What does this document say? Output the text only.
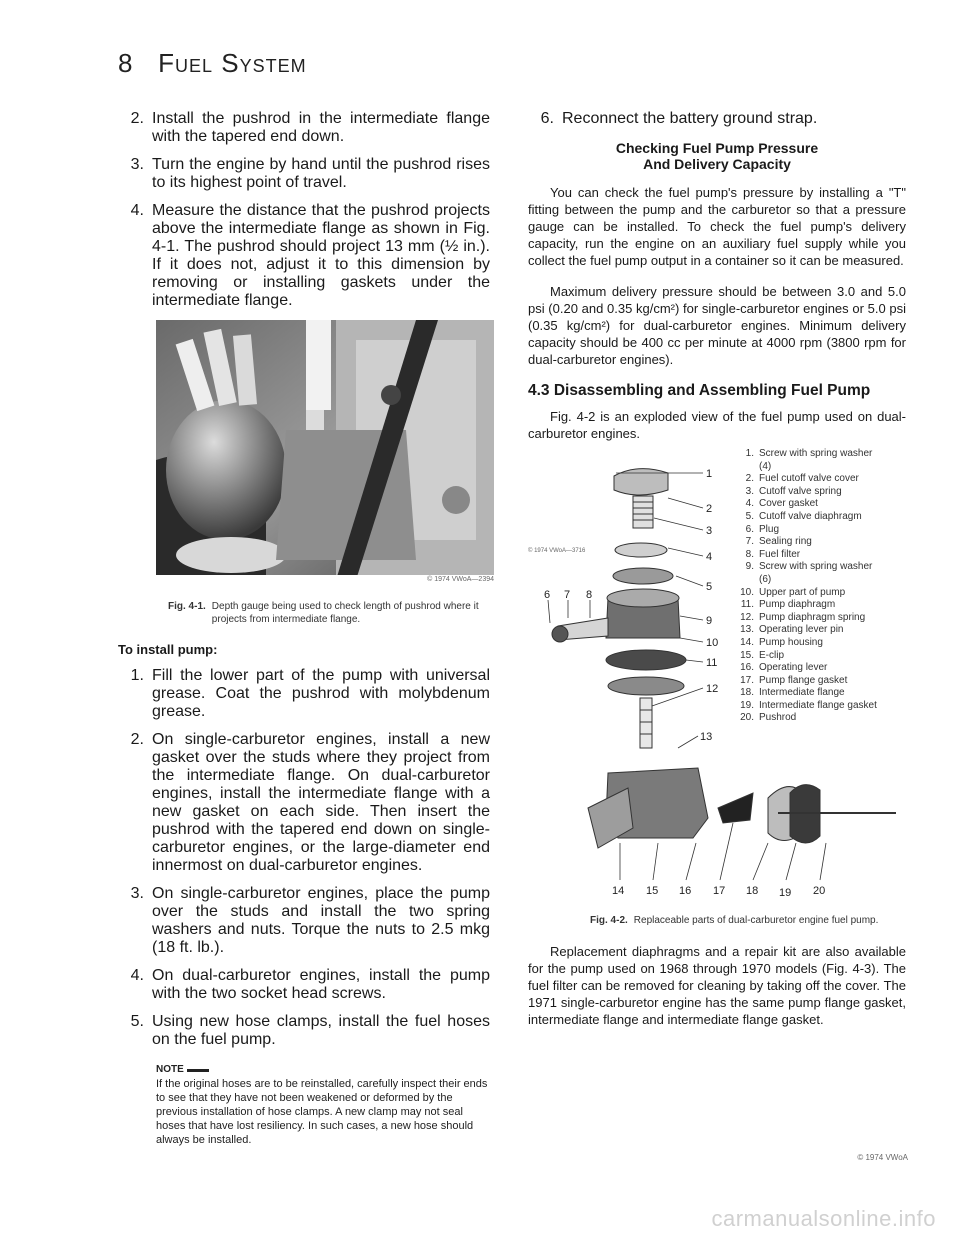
8 Fuel System
2. Install the pushrod in the intermediate flange with the tapered end down.
3. Turn the engine by hand until the pushrod rises to its highest point of travel.
4. Measure the distance that the pushrod projects above the intermediate flange as shown in Fig. 4-1. The pushrod should project 13 mm (½ in.). If it does not, adjust it to this dimension by removing or installing gaskets under the intermediate flange.
© 1974 VWoA—2394
Fig. 4-1. Depth gauge being used to check length of pushrod where it projects from intermediate flange.
To install pump:
1. Fill the lower part of the pump with universal grease. Coat the pushrod with molybdenum grease.
2. On single-carburetor engines, install a new gasket over the studs where they project from the intermediate flange. On dual-carburetor engines, install the intermediate flange with a new gasket on each side. Then insert the pushrod with the tapered end down on single-carburetor engines, or the large-diameter end innermost on dual-carburetor engines.
3. On single-carburetor engines, place the pump over the studs and install the two spring washers and nuts. Torque the nuts to 2.5 mkg (18 ft. lb.).
4. On dual-carburetor engines, install the pump with the two socket head screws.
5. Using new hose clamps, install the fuel hoses on the fuel pump.
NOTE
If the original hoses are to be reinstalled, carefully inspect their ends to see that they have not been weakened or deformed by the previous installation of hose clamps. A new clamp may not seal hoses that have lost resiliency. In such cases, a new hose should always be installed.
6. Reconnect the battery ground strap.
Checking Fuel Pump Pressure
And Delivery Capacity

You can check the fuel pump's pressure by installing a "T" fitting between the pump and the carburetor so that a pressure gauge can be installed. To check the fuel pump's delivery capacity, run the engine on an auxiliary fuel supply while you collect the fuel pump output in a container so it can be measured.

Maximum delivery pressure should be between 3.0 and 5.0 psi (0.20 and 0.35 kg/cm²) for single-carburetor engines or 5.0 psi (0.35 kg/cm²) for dual-carburetor engines. Minimum delivery capacity should be 400 cc per minute at 4000 rpm (3800 rpm for dual-carburetor engines).

4.3 Disassembling and Assembling Fuel Pump

Fig. 4-2 is an exploded view of the fuel pump used on dual-carburetor engines.

1
2
3
4
5
9
10
11
12
13
6 7 8
14 15 16 17 18 19 20
© 1974 VWoA—3716
1. Screw with spring washer
(4)
2. Fuel cutoff valve cover
3. Cutoff valve spring
4. Cover gasket
5. Cutoff valve diaphragm
6. Plug
7. Sealing ring
8. Fuel filter
9. Screw with spring washer
(6)
10. Upper part of pump
11. Pump diaphragm
12. Pump diaphragm spring
13. Operating lever pin
14. Pump housing
15. E-clip
16. Operating lever
17. Pump flange gasket
18. Intermediate flange
19. Intermediate flange gasket
20. Pushrod
Fig. 4-2. Replaceable parts of dual-carburetor engine fuel pump.

Replacement diaphragms and a repair kit are also available for the pump used on 1968 through 1970 models (Fig. 4-3). The fuel filter can be removed for cleaning by taking off the cover. The 1971 single-carburetor engine has the same pump flange gasket, intermediate flange and intermediate flange gasket.

© 1974 VWoA
carmanualsonline.info
